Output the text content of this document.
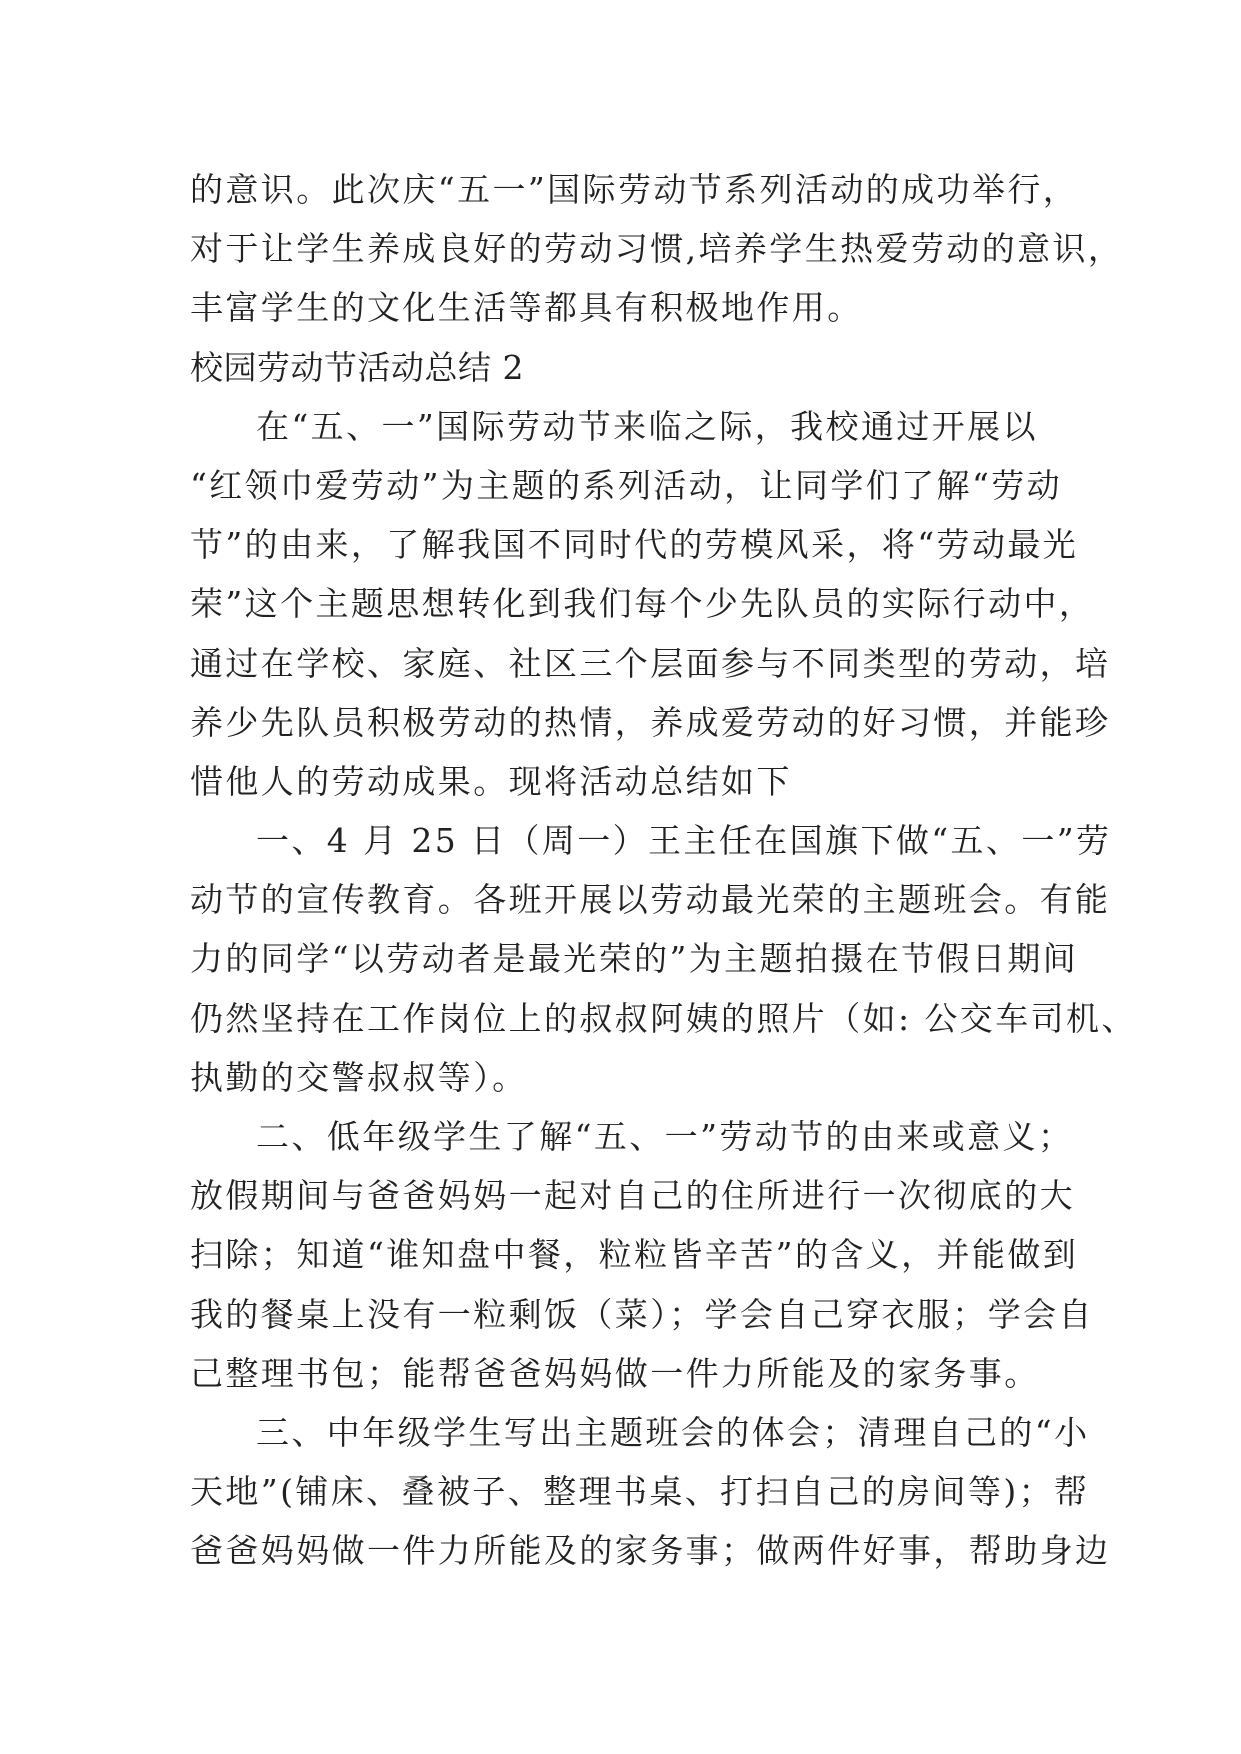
的意识。此次庆“五一”国际劳动节系列活动的成功举行，
对于让学生养成良好的劳动习惯,培养学生热爱劳动的意识，
丰富学生的文化生活等都具有积极地作用。
校园劳动节活动总结 2
在“五、一”国际劳动节来临之际，我校通过开展以
“红领巾爱劳动”为主题的系列活动，让同学们了解“劳动
节”的由来，了解我国不同时代的劳模风采，将“劳动最光
荣”这个主题思想转化到我们每个少先队员的实际行动中，
通过在学校、家庭、社区三个层面参与不同类型的劳动，培
养少先队员积极劳动的热情，养成爱劳动的好习惯，并能珍
惜他人的劳动成果。现将活动总结如下
一、4 月 25 日（周一）王主任在国旗下做“五、一”劳
动节的宣传教育。各班开展以劳动最光荣的主题班会。有能
力的同学“以劳动者是最光荣的”为主题拍摄在节假日期间
仍然坚持在工作岗位上的叔叔阿姨的照片（如: 公交车司机、
执勤的交警叔叔等）。
二、低年级学生了解“五、一”劳动节的由来或意义；
放假期间与爸爸妈妈一起对自己的住所进行一次彻底的大
扫除；知道“谁知盘中餐，粒粒皆辛苦”的含义，并能做到
我的餐桌上没有一粒剩饭（菜）；学会自己穿衣服；学会自
己整理书包；能帮爸爸妈妈做一件力所能及的家务事。
三、中年级学生写出主题班会的体会；清理自己的“小
天地”(铺床、叠被子、整理书桌、打扫自己的房间等)；帮
爸爸妈妈做一件力所能及的家务事；做两件好事，帮助身边
